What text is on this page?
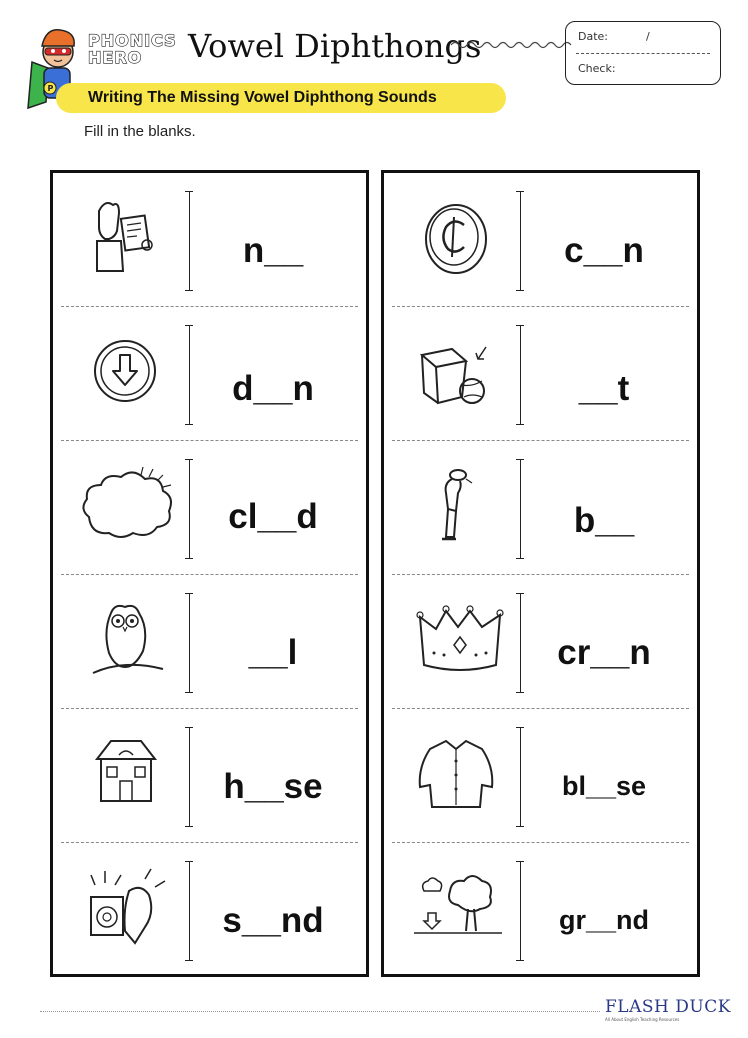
P
PHONICS
HERO	Vowel Diphthongs	Date:	/
Check:
Writing The Missing Vowel Diphthong Sounds
Fill in the blanks.
n__
d__n
cl__d
__l
h__se
s__nd
c__n
__t
b__
cr__n
bl__se
gr__nd
FLASH DUCK
All About English Teaching Resources
